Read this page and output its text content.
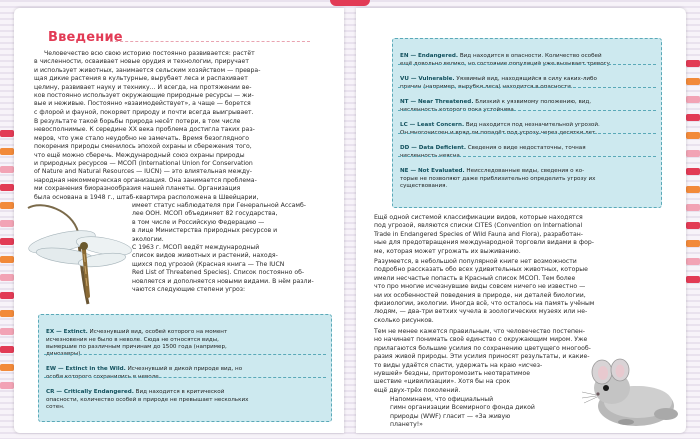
Введение
Человечество всю свою историю постоянно развивается: растёт
в численности, осваивает новые орудия и технологии, приручает
и использует животных, занимается сельским хозяйством — превра-
щая дикие растения в культурные, вырубает леса и распахивает
целину, развивает науку и технику... И всегда, на протяжении ве-
ков постоянно использует окружающие природные ресурсы — жи-
вые и неживые. Постоянно «взаимодействует», а чаще — борется
с флорой и фауной, покоряет природу и почти всегда выигрывает.
В результате такой борьбы природа несёт потери, в том числе
невосполнимые. К середине XX века проблема достигла таких раз-
меров, что уже стало неудобно не замечать. Время безоглядного
покорения природы сменилось эпохой охраны и сбережения того,
что ещё можно сберечь. Международный союз охраны природы
и природных ресурсов — МСОП (International Union for Conservation
of Nature and Natural Resources — IUCN) — это влиятельная между-
народная некоммерческая организация. Она занимается проблема-
ми сохранения биоразнообразия нашей планеты. Организация
была основана в 1948 г., штаб-квартира расположена в Швейцарии,
имеет статус наблюдателя при Генеральной Ассамб-
лее ООН. МСОП объединяет 82 государства,
в том числе и Российскую Федерацию —
в лице Министерства природных ресурсов и
экологии.
С 1963 г. МСОП ведёт международный
список видов животных и растений, находя-
щихся под угрозой (Красная книга — The IUCN
Red List of Threatened Species). Список постоянно об-
новляется и дополняется новыми видами. В нём разли-
чаются следующие степени угроз:

EX — Extinct. Исчезнувший вид, особей которого на момент
исчезновения не было в неволе. Сюда не относятся виды,
вымершие по различным причинам до 1500 года (например,
динозавры).

EW — Extinct in the Wild. Исчезнувший в дикой природе вид, но
особи которого сохранились в неволе.

CR — Critically Endangered. Вид находится в критической
опасности, количество особей в природе не превышает нескольких
сотен.

EN — Endangered. Вид находится в опасности. Количество особей
ещё довольно велико, но состояние популяций уже вызывает тревогу.

VU — Vulnerable. Уязвимый вид, находящийся в силу каких-либо
причин (например, вырубки леса) находится в опасности.

NT — Near Threatened. Близкий к уязвимому положению, вид,
численность которого пока устойчива.

LC — Least Concern. Вид находится под незначительной угрозой.
Он многочислен и вряд ли попадёт под угрозу через десятки лет.

DD — Data Deficient. Сведения о виде недостаточны, точная
численность неясна.

NE — Not Evaluated. Неисследованные виды, сведения о ко-
торые не позволяют даже приблизительно определить угрозу их
существования.

Ещё одной системой классификации видов, которые находятся
под угрозой, являются списки CITES (Convention on International
Trade in Endangered Species of Wild Fauna and Flora), разработан-
ные для предотвращения международной торговли видами в фор-
ме, которая может угрожать их выживанию.
Разумеется, в небольшой популярной книге нет возможности
подробно рассказать обо всех удивительных животных, которые
имели несчастье попасть в Красный список МСОП. Тем более
что про многие исчезнувшие виды совсем ничего не известно —
ни их особенностей поведения в природе, ни деталей биологии,
физиологии, экологии. Иногда всё, что осталось на память учёным
людям, — два-три ветхих чучела в зоологических музеях или не-
сколько рисунков.
Тем не менее кажется правильным, что человечество постепен-
но начинает понимать своё единство с окружающим миром. Уже
прилагаются большие усилия по сохранению цветущего многооб-
разия живой природы. Эти усилия приносят результаты, и какие-
то виды удаётся спасти, удержать на краю «исчез-
нувшей» бездны, приторомозить неотвратимое
шествие «цивилизации». Хотя бы на срок
ещё двух-трёх поколений.
Напоминаем, что официальный
гимн организации Всемирного фонда дикой
природы (WWF) гласит — «За живую
планету!»
